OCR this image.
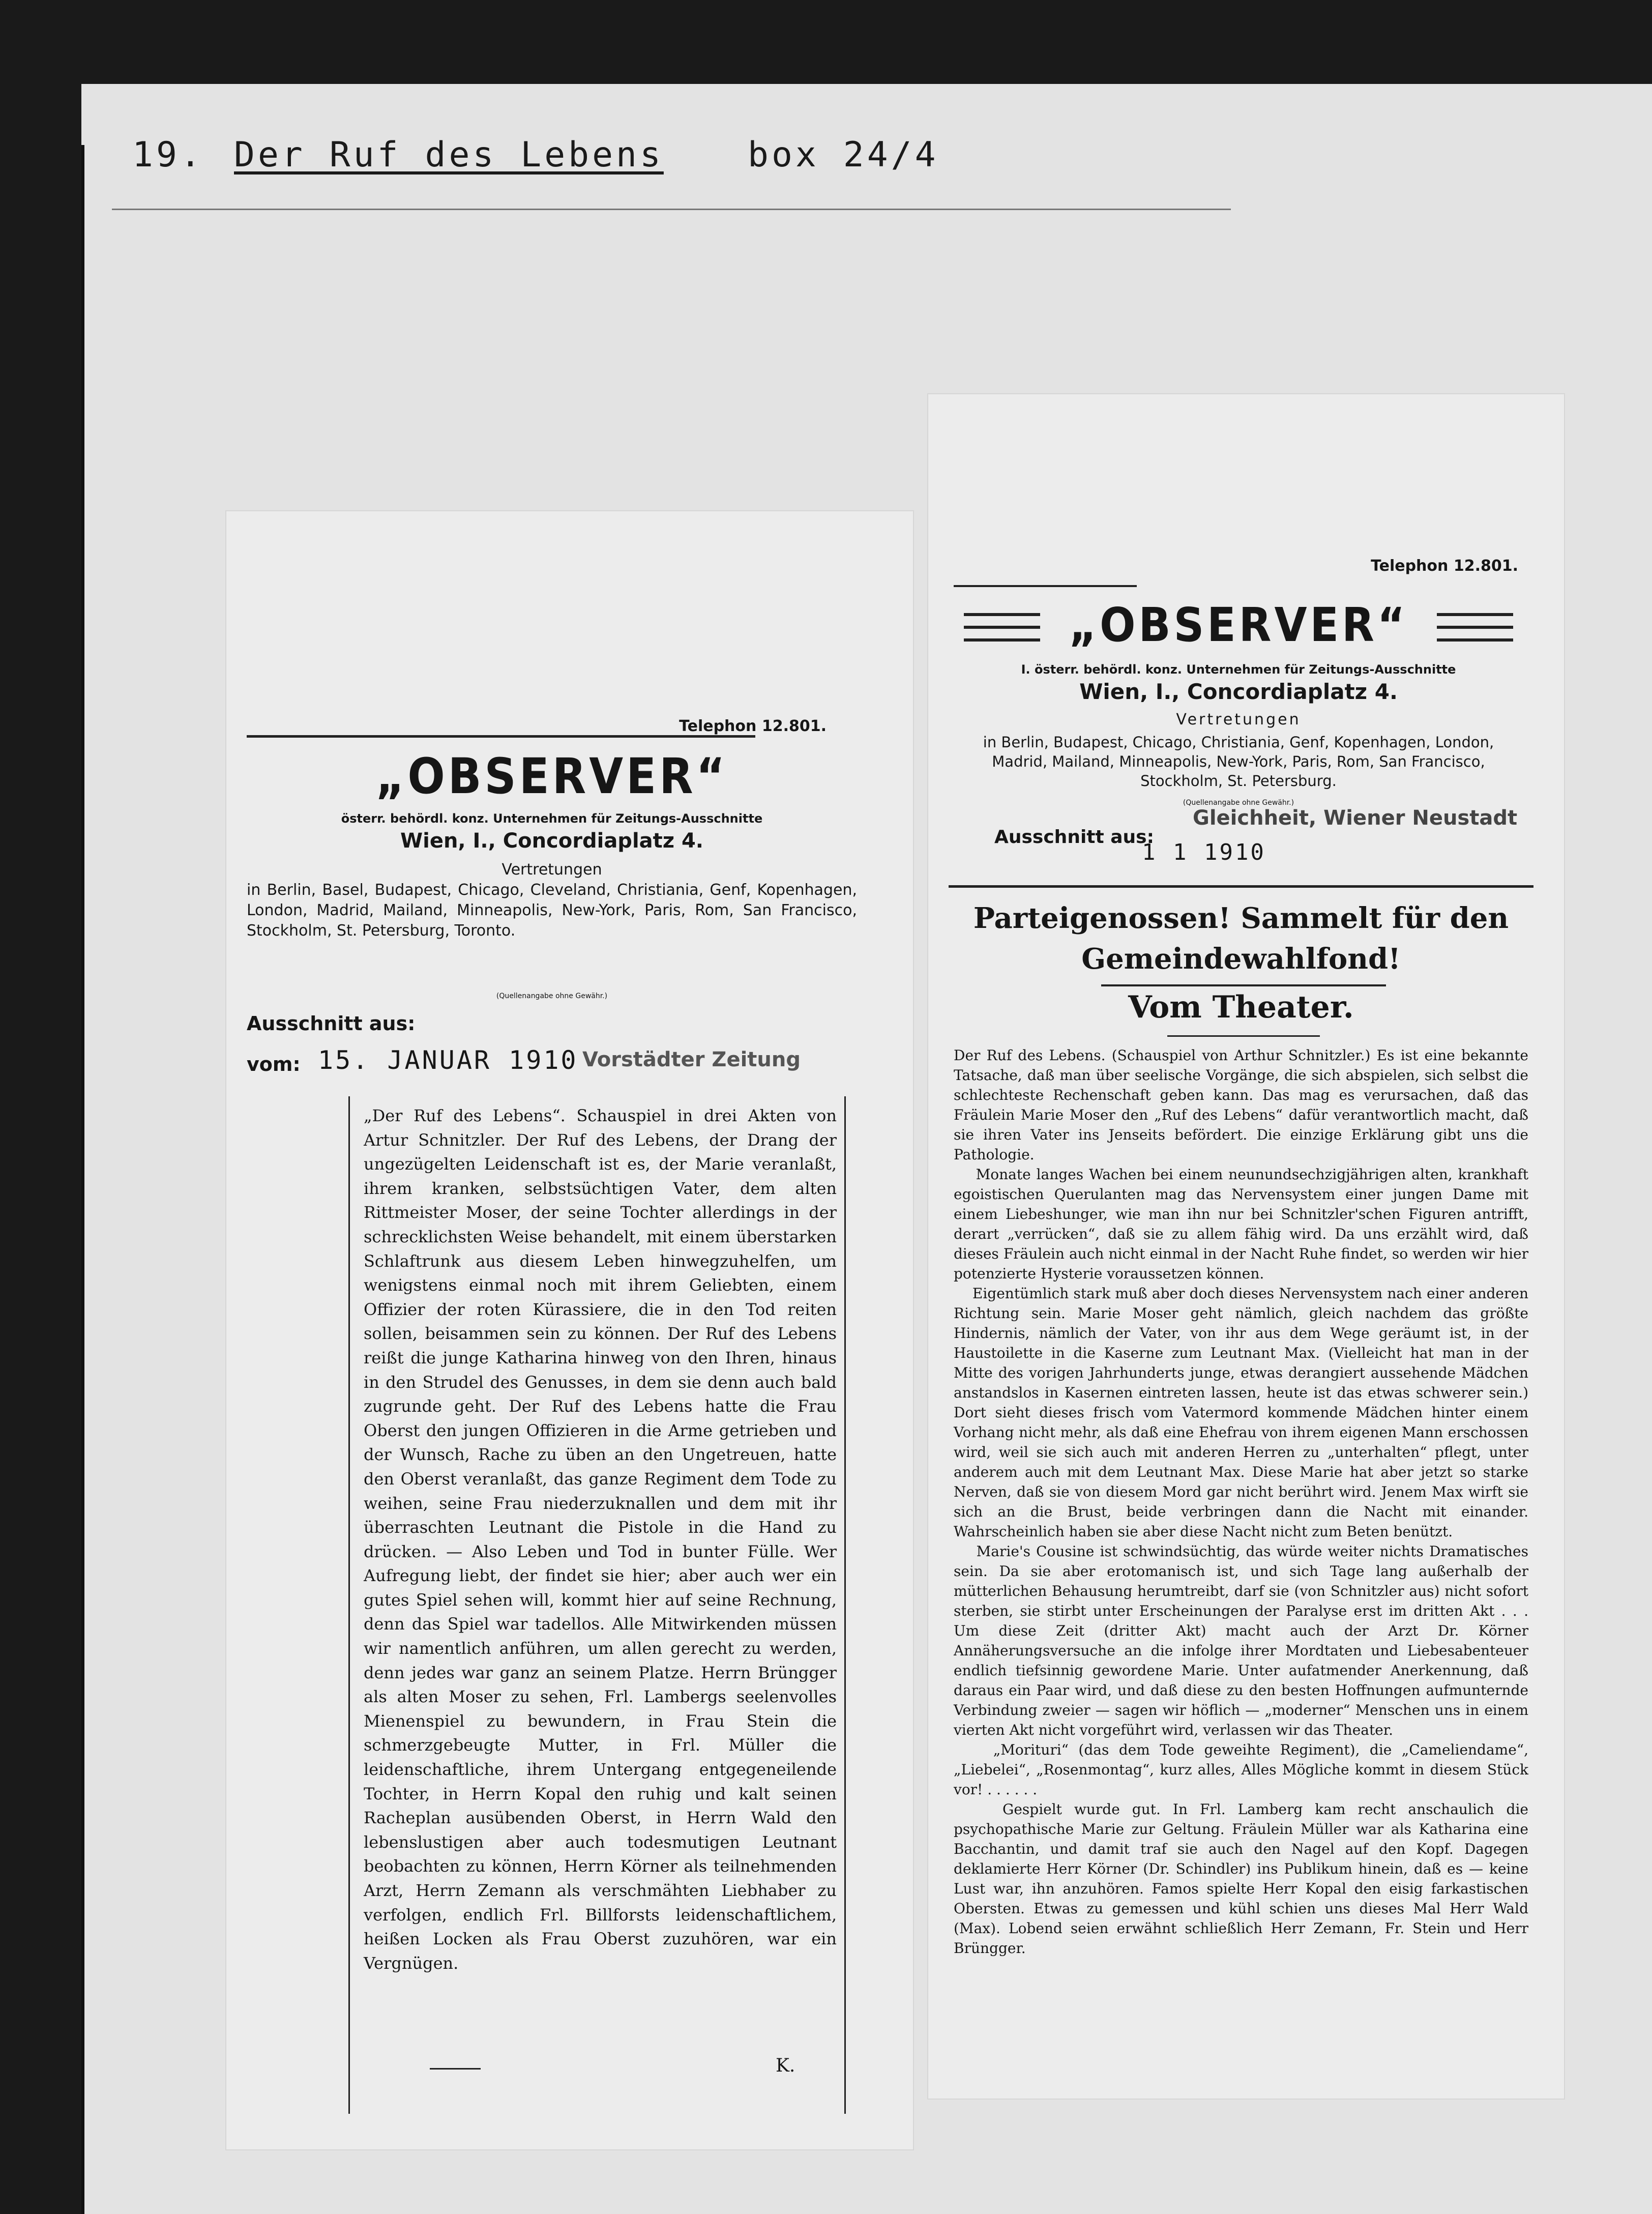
19. Der Ruf des Lebens box 24/4
Telephon 12.801.
„OBSERVER“
österr. behördl. konz. Unternehmen für Zeitungs-Ausschnitte
Wien, I., Concordiaplatz 4.
Vertretungen
in Berlin, Basel, Budapest, Chicago, Cleveland, Christiania, Genf, Kopenhagen, London, Madrid, Mailand, Minneapolis, New-York, Paris, Rom, San Francisco, Stockholm, St. Petersburg, Toronto.
(Quellenangabe ohne Gewähr.)
Ausschnitt aus:
vom: 15. JANUAR 1910 Vorstädter Zeitung
„Der Ruf des Lebens“. Schauspiel in drei Akten von Artur Schnitzler. Der Ruf des Lebens, der Drang der ungezügelten Leidenschaft ist es, der Marie veranlaßt, ihrem kranken, selbstsüchtigen Vater, dem alten Rittmeister Moser, der seine Tochter allerdings in der schrecklichsten Weise behandelt, mit einem überstarken Schlaftrunk aus diesem Leben hinwegzuhelfen, um wenigstens einmal noch mit ihrem Geliebten, einem Offizier der roten Kürassiere, die in den Tod reiten sollen, beisammen sein zu können. Der Ruf des Lebens reißt die junge Katharina hinweg von den Ihren, hinaus in den Strudel des Genusses, in dem sie denn auch bald zugrunde geht. Der Ruf des Lebens hatte die Frau Oberst den jungen Offizieren in die Arme getrieben und der Wunsch, Rache zu üben an den Ungetreuen, hatte den Oberst veranlaßt, das ganze Regiment dem Tode zu weihen, seine Frau niederzuknallen und dem mit ihr überraschten Leutnant die Pistole in die Hand zu drücken. — Also Leben und Tod in bunter Fülle. Wer Aufregung liebt, der findet sie hier; aber auch wer ein gutes Spiel sehen will, kommt hier auf seine Rechnung, denn das Spiel war tadellos. Alle Mitwirkenden müssen wir namentlich anführen, um allen gerecht zu werden, denn jedes war ganz an seinem Platze. Herrn Brüngger als alten Moser zu sehen, Frl. Lambergs seelenvolles Mienenspiel zu bewundern, in Frau Stein die schmerzgebeugte Mutter, in Frl. Müller die leidenschaftliche, ihrem Untergang entgegeneilende Tochter, in Herrn Kopal den ruhig und kalt seinen Racheplan ausübenden Oberst, in Herrn Wald den lebenslustigen aber auch todesmutigen Leutnant beobachten zu können, Herrn Körner als teilnehmenden Arzt, Herrn Zemann als verschmähten Liebhaber zu verfolgen, endlich Frl. Billforsts leidenschaftlichem, heißen Locken als Frau Oberst zuzuhören, war ein Vergnügen.
K.
Telephon 12.801.
„OBSERVER“
I. österr. behördl. konz. Unternehmen für Zeitungs-Ausschnitte
Wien, I., Concordiaplatz 4.
Vertretungen
in Berlin, Budapest, Chicago, Christiania, Genf, Kopenhagen, London, Madrid, Mailand, Minneapolis, New-York, Paris, Rom, San Francisco, Stockholm, St. Petersburg.
(Quellenangabe ohne Gewähr.)
Ausschnitt aus:
Gleichheit, Wiener Neustadt
1 1 1910
Parteigenossen! Sammelt für den Gemeindewahlfond!
Vom Theater.
Der Ruf des Lebens. (Schauspiel von Arthur Schnitzler.) Es ist eine bekannte Tatsache, daß man über seelische Vorgänge, die sich abspielen, sich selbst die schlechteste Rechenschaft geben kann. Das mag es verursachen, daß das Fräulein Marie Moser den „Ruf des Lebens“ dafür verantwortlich macht, daß sie ihren Vater ins Jenseits befördert. Die einzige Erklärung gibt uns die Pathologie.
Monate langes Wachen bei einem neunundsechzigjährigen alten, krankhaft egoistischen Querulanten mag das Nervensystem einer jungen Dame mit einem Liebeshunger, wie man ihn nur bei Schnitzler'schen Figuren antrifft, derart „verrücken“, daß sie zu allem fähig wird. Da uns erzählt wird, daß dieses Fräulein auch nicht einmal in der Nacht Ruhe findet, so werden wir hier potenzierte Hysterie voraussetzen können.
Eigentümlich stark muß aber doch dieses Nervensystem nach einer anderen Richtung sein. Marie Moser geht nämlich, gleich nachdem das größte Hindernis, nämlich der Vater, von ihr aus dem Wege geräumt ist, in der Haustoilette in die Kaserne zum Leutnant Max. (Vielleicht hat man in der Mitte des vorigen Jahrhunderts junge, etwas derangiert aussehende Mädchen anstandslos in Kasernen eintreten lassen, heute ist das etwas schwerer sein.) Dort sieht dieses frisch vom Vatermord kommende Mädchen hinter einem Vorhang nicht mehr, als daß eine Ehefrau von ihrem eigenen Mann erschossen wird, weil sie sich auch mit anderen Herren zu „unterhalten“ pflegt, unter anderem auch mit dem Leutnant Max. Diese Marie hat aber jetzt so starke Nerven, daß sie von diesem Mord gar nicht berührt wird. Jenem Max wirft sie sich an die Brust, beide verbringen dann die Nacht mit einander. Wahrscheinlich haben sie aber diese Nacht nicht zum Beten benützt.
Marie's Cousine ist schwindsüchtig, das würde weiter nichts Dramatisches sein. Da sie aber erotomanisch ist, und sich Tage lang außerhalb der mütterlichen Behausung herumtreibt, darf sie (von Schnitzler aus) nicht sofort sterben, sie stirbt unter Erscheinungen der Paralyse erst im dritten Akt . . . Um diese Zeit (dritter Akt) macht auch der Arzt Dr. Körner Annäherungsversuche an die infolge ihrer Mordtaten und Liebesabenteuer endlich tiefsinnig gewordene Marie. Unter aufatmender Anerkennung, daß daraus ein Paar wird, und daß diese zu den besten Hoffnungen aufmunternde Verbindung zweier — sagen wir höflich — „moderner“ Menschen uns in einem vierten Akt nicht vorgeführt wird, verlassen wir das Theater.
„Morituri“ (das dem Tode geweihte Regiment), die „Cameliendame“, „Liebelei“, „Rosenmontag“, kurz alles, Alles Mögliche kommt in diesem Stück vor! . . . . . .
Gespielt wurde gut. In Frl. Lamberg kam recht anschaulich die psychopathische Marie zur Geltung. Fräulein Müller war als Katharina eine Bacchantin, und damit traf sie auch den Nagel auf den Kopf. Dagegen deklamierte Herr Körner (Dr. Schindler) ins Publikum hinein, daß es — keine Lust war, ihn anzuhören. Famos spielte Herr Kopal den eisig farkastischen Obersten. Etwas zu gemessen und kühl schien uns dieses Mal Herr Wald (Max). Lobend seien erwähnt schließlich Herr Zemann, Fr. Stein und Herr Brüngger.
